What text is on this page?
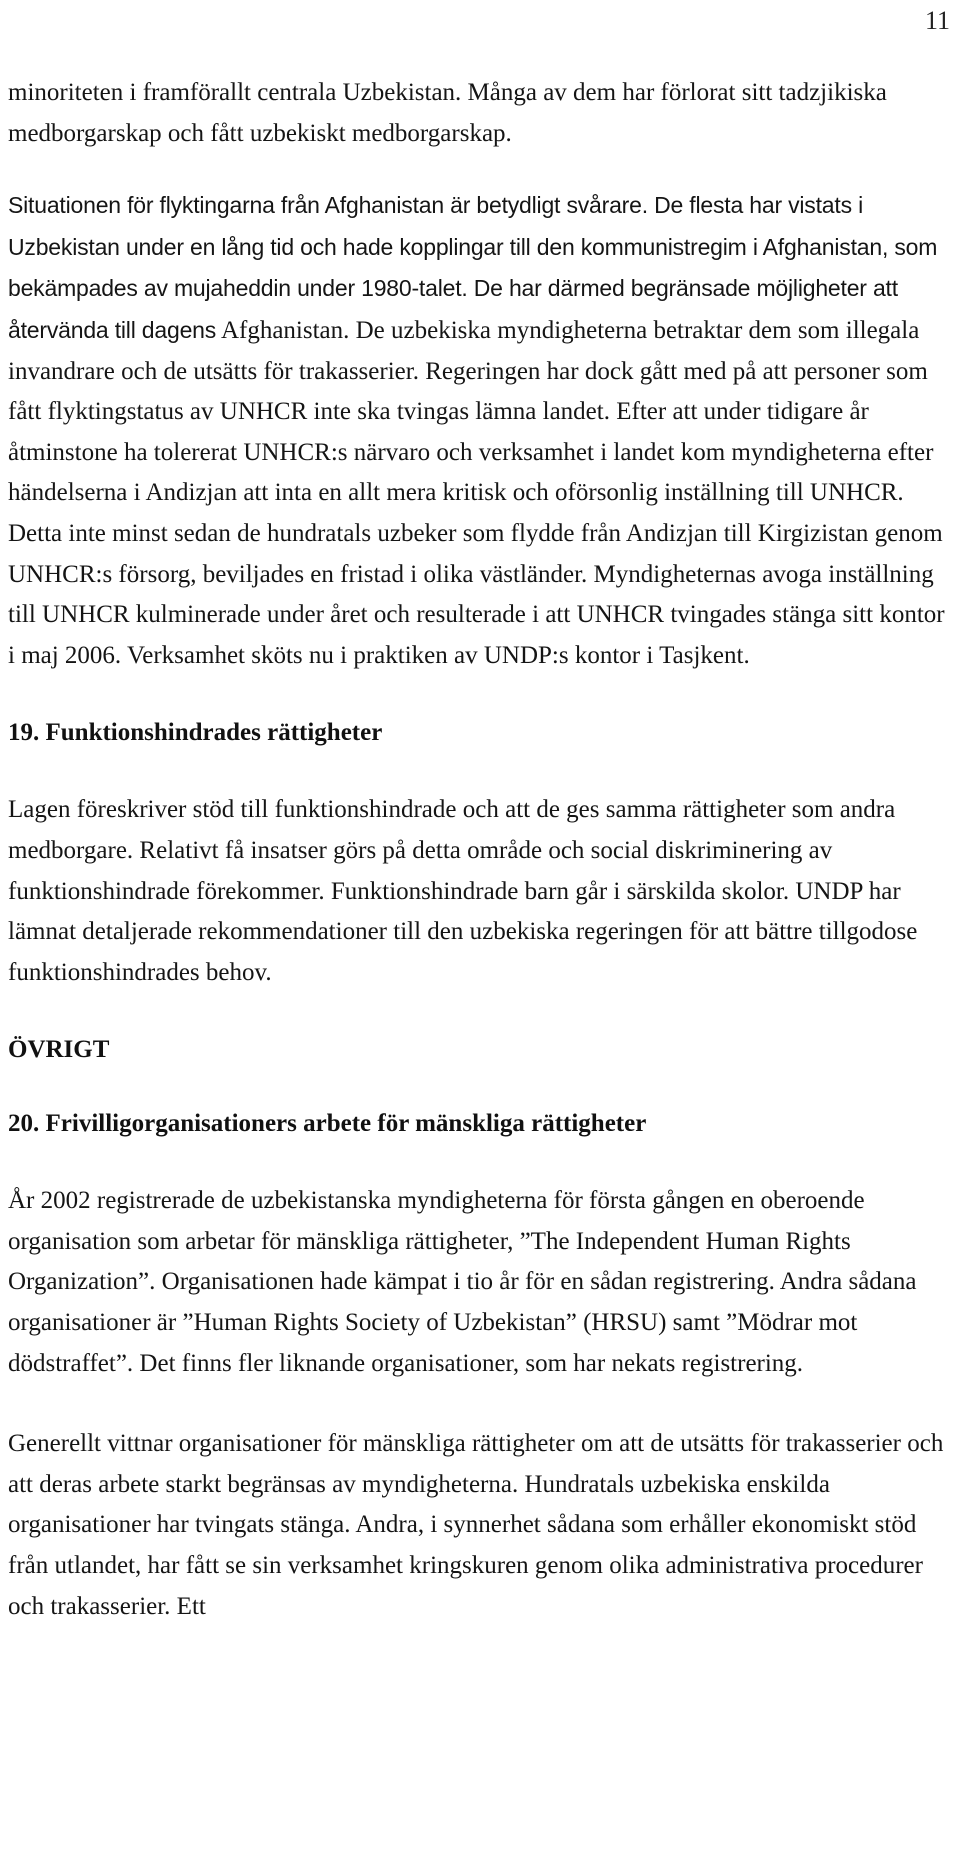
11

minoriteten i framförallt centrala Uzbekistan. Många av dem har förlorat sitt tadzjikiska medborgarskap och fått uzbekiskt medborgarskap.

Situationen för flyktingarna från Afghanistan är betydligt svårare. De flesta har vistats i Uzbekistan under en lång tid och hade kopplingar till den kommunistregim i Afghanistan, som bekämpades av mujaheddin under 1980-talet. De har därmed begränsade möjligheter att återvända till dagens Afghanistan. De uzbekiska myndigheterna betraktar dem som illegala invandrare och de utsätts för trakasserier. Regeringen har dock gått med på att personer som fått flyktingstatus av UNHCR inte ska tvingas lämna landet. Efter att under tidigare år åtminstone ha tolererat UNHCR:s närvaro och verksamhet i landet kom myndigheterna efter händelserna i Andizjan att inta en allt mera kritisk och oförsonlig inställning till UNHCR. Detta inte minst sedan de hundratals uzbeker som flydde från Andizjan till Kirgizistan genom UNHCR:s försorg, beviljades en fristad i olika västländer. Myndigheternas avoga inställning till UNHCR kulminerade under året och resulterade i att UNHCR tvingades stänga sitt kontor i maj 2006. Verksamhet sköts nu i praktiken av UNDP:s kontor i Tasjkent.

19. Funktionshindrades rättigheter

Lagen föreskriver stöd till funktionshindrade och att de ges samma rättigheter som andra medborgare. Relativt få insatser görs på detta område och social diskriminering av funktionshindrade förekommer. Funktionshindrade barn går i särskilda skolor. UNDP har lämnat detaljerade rekommendationer till den uzbekiska regeringen för att bättre tillgodose funktionshindrades behov.

ÖVRIGT
20. Frivilligorganisationers arbete för mänskliga rättigheter

År 2002 registrerade de uzbekistanska myndigheterna för första gången en oberoende organisation som arbetar för mänskliga rättigheter, ”The Independent Human Rights Organization”. Organisationen hade kämpat i tio år för en sådan registrering. Andra sådana organisationer är ”Human Rights Society of Uzbekistan” (HRSU) samt ”Mödrar mot dödstraffet”. Det finns fler liknande organisationer, som har nekats registrering.

Generellt vittnar organisationer för mänskliga rättigheter om att de utsätts för trakasserier och att deras arbete starkt begränsas av myndigheterna. Hundratals uzbekiska enskilda organisationer har tvingats stänga. Andra, i synnerhet sådana som erhåller ekonomiskt stöd från utlandet, har fått se sin verksamhet kringskuren genom olika administrativa procedurer och trakasserier. Ett
